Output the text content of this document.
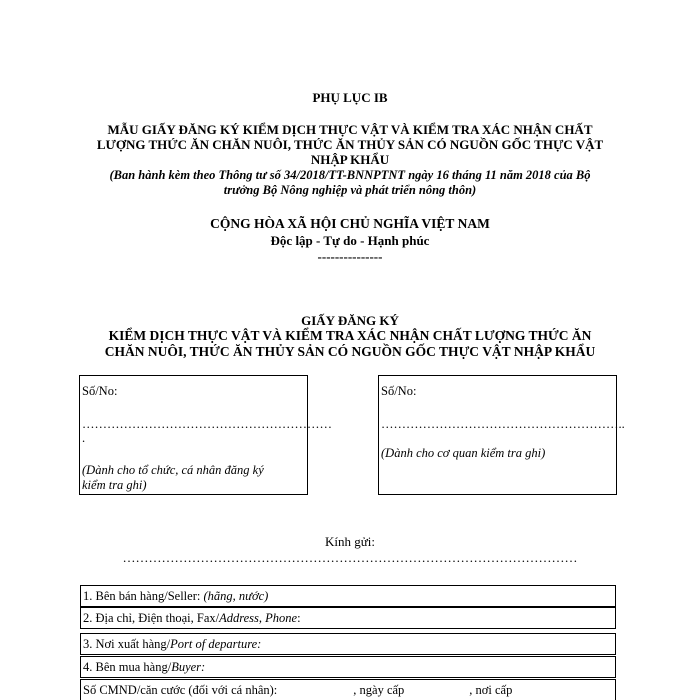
PHỤ LỤC IB
MẪU GIẤY ĐĂNG KÝ KIỂM DỊCH THỰC VẬT VÀ KIỂM TRA XÁC NHẬN CHẤT
LƯỢNG THỨC ĂN CHĂN NUÔI, THỨC ĂN THỦY SẢN CÓ NGUỒN GỐC THỰC VẬT
NHẬP KHẨU
(Ban hành kèm theo Thông tư số 34/2018/TT-BNNPTNT ngày 16 tháng 11 năm 2018 của Bộ
trưởng Bộ Nông nghiệp và phát triển nông thôn)
CỘNG HÒA XÃ HỘI CHỦ NGHĨA VIỆT NAM
Độc lập - Tự do - Hạnh phúc
---------------
GIẤY ĐĂNG KÝ
KIỂM DỊCH THỰC VẬT VÀ KIỂM TRA XÁC NHẬN CHẤT LƯỢNG THỨC ĂN
CHĂN NUÔI, THỨC ĂN THỦY SẢN CÓ NGUỒN GỐC THỰC VẬT NHẬP KHẨU
Số/No:
……………………………………………………
.
(Dành cho tổ chức, cá nhân đăng ký
kiểm tra ghi)
Số/No:
…………………………………………………..
(Dành cho cơ quan kiểm tra ghi)
Kính gửi:
……………………………………………………………………………………………
1. Bên bán hàng/Seller: (hãng, nước)
2. Địa chỉ, Điện thoại, Fax/Address, Phone:
3. Nơi xuất hàng/Port of departure:
4. Bên mua hàng/Buyer:
Số CMND/căn cước (đối với cá nhân):	, ngày cấp	, nơi cấp
